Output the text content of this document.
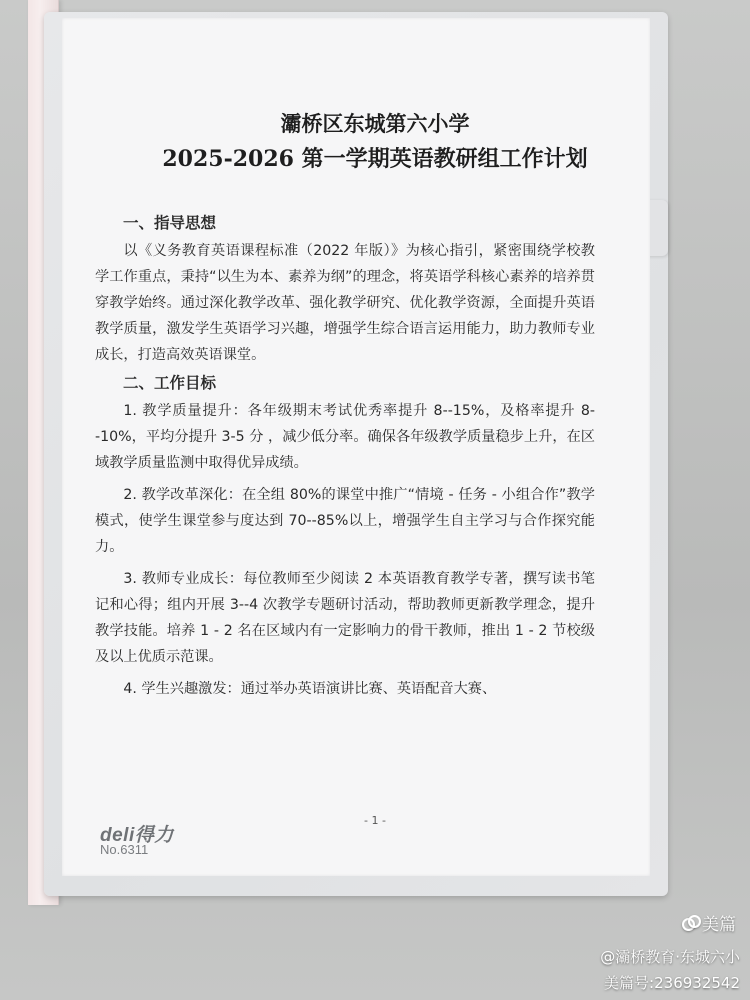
灞桥区东城第六小学
2025-2026 第一学期英语教研组工作计划

一、指导思想

以《义务教育英语课程标准（2022 年版）》为核心指引，紧密围绕学校教学工作重点，秉持“以生为本、素养为纲”的理念，将英语学科核心素养的培养贯穿教学始终。通过深化教学改革、强化教学研究、优化教学资源，全面提升英语教学质量，激发学生英语学习兴趣，增强学生综合语言运用能力，助力教师专业成长，打造高效英语课堂。

二、工作目标

1. 教学质量提升：各年级期末考试优秀率提升 8--15%，及格率提升 8--10%，平均分提升 3-5 分 ，减少低分率。确保各年级教学质量稳步上升，在区域教学质量监测中取得优异成绩。

2. 教学改革深化：在全组 80%的课堂中推广“情境 - 任务 - 小组合作”教学模式，使学生课堂参与度达到 70--85%以上，增强学生自主学习与合作探究能力。

3. 教师专业成长：每位教师至少阅读 2 本英语教育教学专著，撰写读书笔记和心得；组内开展 3--4 次教学专题研讨活动，帮助教师更新教学理念，提升教学技能。培养 1 - 2 名在区域内有一定影响力的骨干教师，推出 1 - 2 节校级及以上优质示范课。

4. 学生兴趣激发：通过举办英语演讲比赛、英语配音大赛、

- 1 -
deli得力
No.6311
美篇
@灞桥教育·东城六小
美篇号:236932542
